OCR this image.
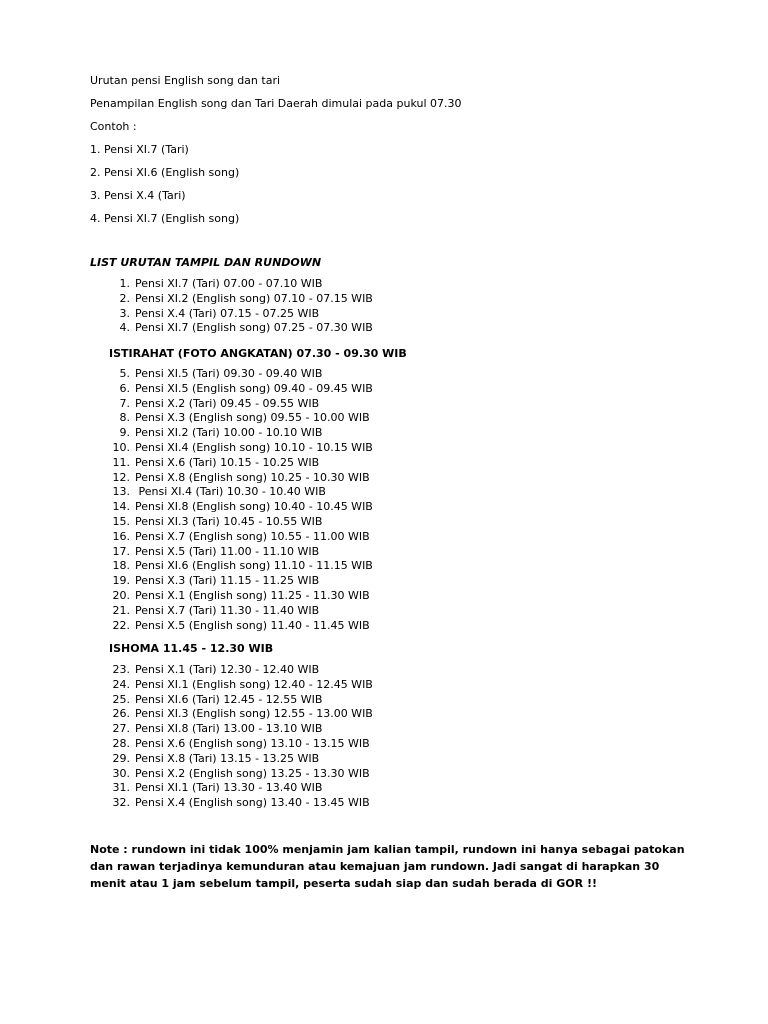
Urutan pensi English song dan tari
Penampilan English song dan Tari Daerah dimulai pada pukul 07.30
Contoh :
1. Pensi XI.7 (Tari)
2. Pensi XI.6 (English song)
3. Pensi X.4 (Tari)
4. Pensi XI.7 (English song)
LIST URUTAN TAMPIL DAN RUNDOWN
1. Pensi XI.7 (Tari) 07.00 - 07.10 WIB
2. Pensi XI.2 (English song) 07.10 - 07.15 WIB
3. Pensi X.4 (Tari) 07.15 - 07.25 WIB
4. Pensi XI.7 (English song) 07.25 - 07.30 WIB
ISTIRAHAT (FOTO ANGKATAN) 07.30 - 09.30 WIB
5. Pensi XI.5 (Tari) 09.30 - 09.40 WIB
6. Pensi XI.5 (English song) 09.40 - 09.45 WIB
7. Pensi X.2 (Tari) 09.45 - 09.55 WIB
8. Pensi X.3 (English song) 09.55 - 10.00 WIB
9. Pensi XI.2 (Tari) 10.00 - 10.10 WIB
10. Pensi XI.4 (English song) 10.10 - 10.15 WIB
11. Pensi X.6 (Tari) 10.15 - 10.25 WIB
12. Pensi X.8 (English song) 10.25 - 10.30 WIB
13. Pensi XI.4 (Tari) 10.30 - 10.40 WIB
14. Pensi XI.8 (English song) 10.40 - 10.45 WIB
15. Pensi XI.3 (Tari) 10.45 - 10.55 WIB
16. Pensi X.7 (English song) 10.55 - 11.00 WIB
17. Pensi X.5 (Tari) 11.00 - 11.10 WIB
18. Pensi XI.6 (English song) 11.10 - 11.15 WIB
19. Pensi X.3 (Tari) 11.15 - 11.25 WIB
20. Pensi X.1 (English song) 11.25 - 11.30 WIB
21. Pensi X.7 (Tari) 11.30 - 11.40 WIB
22. Pensi X.5 (English song) 11.40 - 11.45 WIB
ISHOMA 11.45 - 12.30 WIB
23. Pensi X.1 (Tari) 12.30 - 12.40 WIB
24. Pensi XI.1 (English song) 12.40 - 12.45 WIB
25. Pensi XI.6 (Tari) 12.45 - 12.55 WIB
26. Pensi XI.3 (English song) 12.55 - 13.00 WIB
27. Pensi XI.8 (Tari) 13.00 - 13.10 WIB
28. Pensi X.6 (English song) 13.10 - 13.15 WIB
29. Pensi X.8 (Tari) 13.15 - 13.25 WIB
30. Pensi X.2 (English song) 13.25 - 13.30 WIB
31. Pensi XI.1 (Tari) 13.30 - 13.40 WIB
32. Pensi X.4 (English song) 13.40 - 13.45 WIB
Note : rundown ini tidak 100% menjamin jam kalian tampil, rundown ini hanya sebagai patokan dan rawan terjadinya kemunduran atau kemajuan jam rundown. Jadi sangat di harapkan 30 menit atau 1 jam sebelum tampil, peserta sudah siap dan sudah berada di GOR !!
